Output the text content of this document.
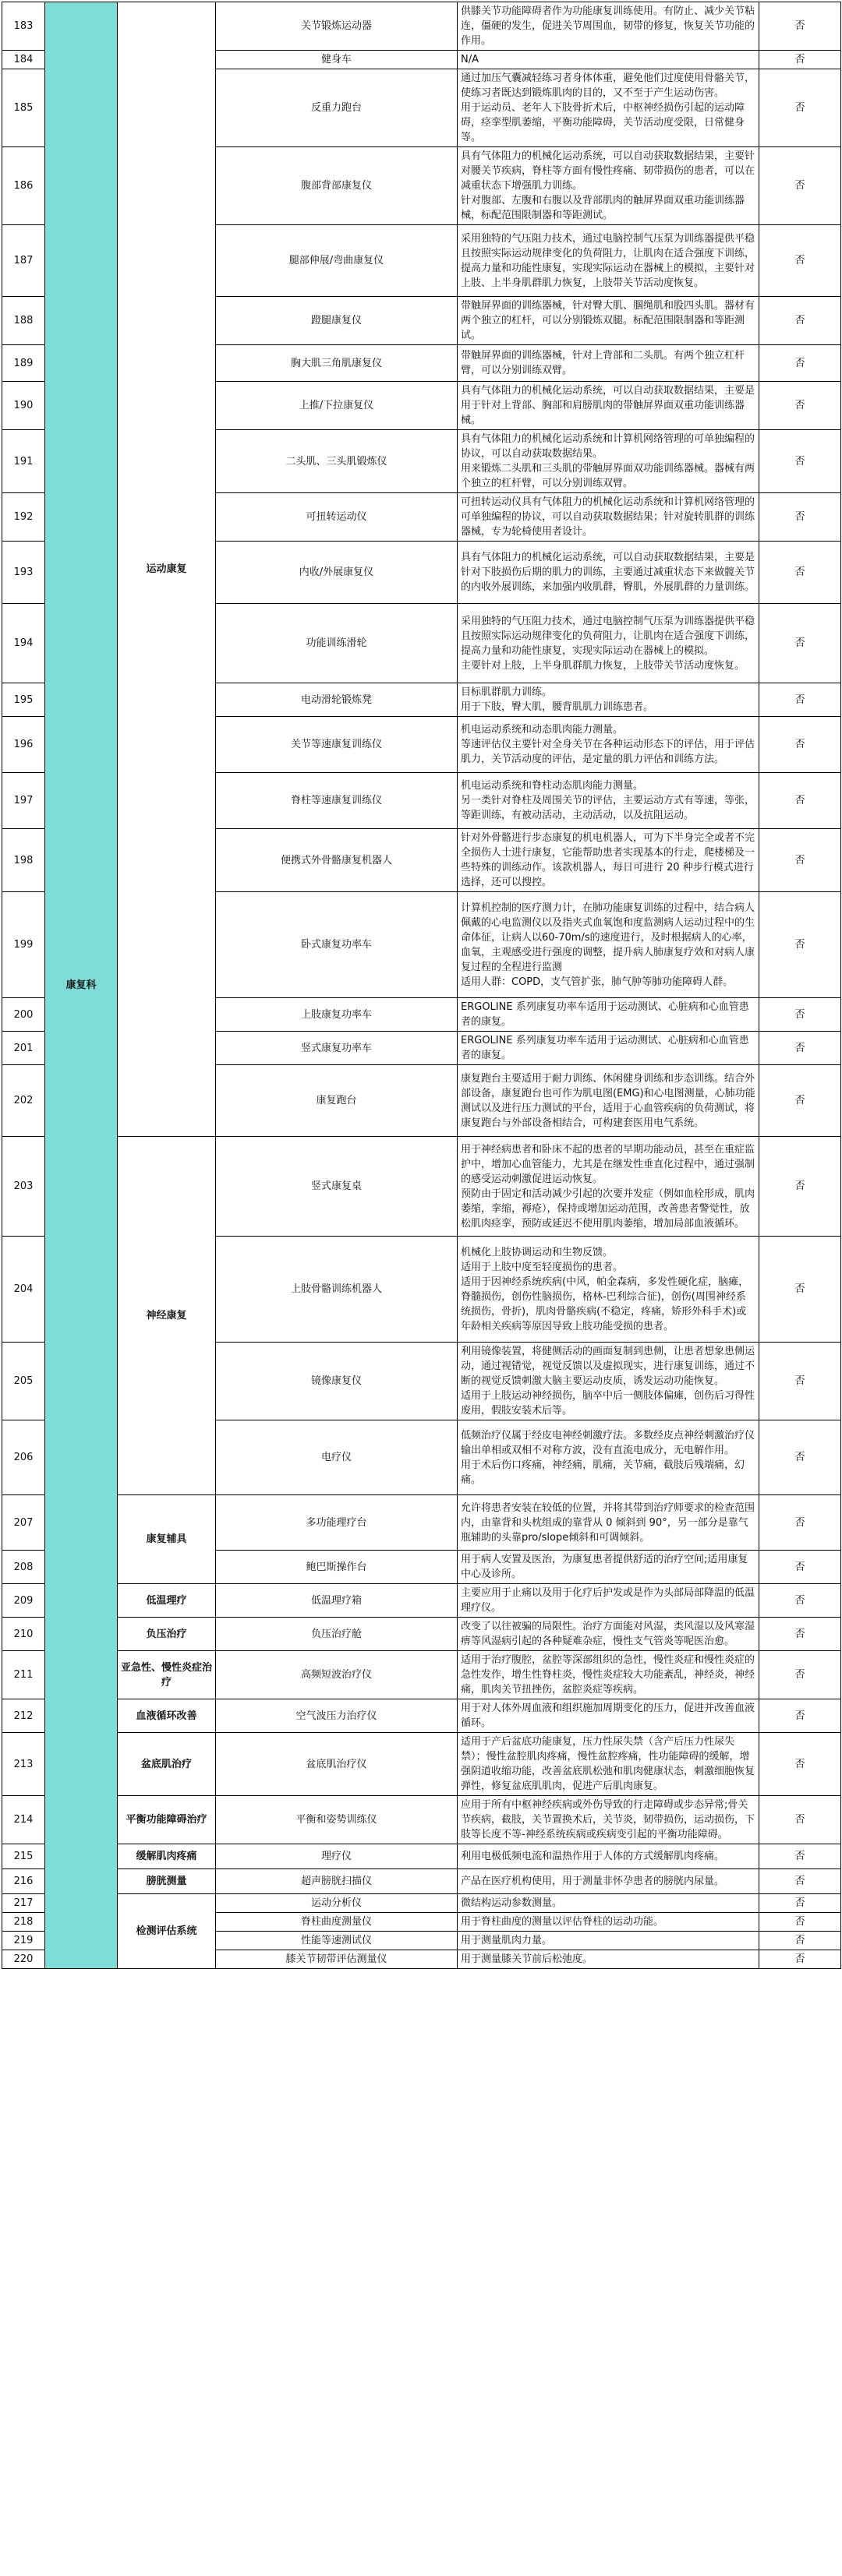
183	康复科	运动康复	关节锻炼运动器	供膝关节功能障碍者作为功能康复训练使用。有防止、减少关节粘连，僵硬的发生，促进关节周围血，韧带的修复，恢复关节功能的作用。	否
184			健身车	N/A	否
185			反重力跑台	通过加压气囊减轻练习者身体体重，避免他们过度使用骨骼关节，使练习者既达到锻炼肌肉的目的，又不至于产生运动伤害。
用于运动员、老年人下肢骨折术后，中枢神经损伤引起的运动障碍，痉挛型肌萎缩，平衡功能障碍，关节活动度受限，日常健身等。	否
186			腹部背部康复仪	具有气体阻力的机械化运动系统，可以自动获取数据结果，主要针对腰关节疾病，脊柱等方面有慢性疼痛、韧带损伤的患者，可以在减重状态下增强肌力训练。
针对腹部、左腹和右腹以及背部肌肉的触屏界面双重功能训练器械，标配范围限制器和等距测试。	否
187			腿部伸展/弯曲康复仪	采用独特的气压阻力技术，通过电脑控制气压泵为训练器提供平稳且按照实际运动规律变化的负荷阻力，让肌肉在适合强度下训练，提高力量和功能性康复，实现实际运动在器械上的模拟，主要针对上肢、上半身肌群肌力恢复，上肢带关节活动度恢复。	否
188			蹬腿康复仪	带触屏界面的训练器械，针对臀大肌、腘绳肌和股四头肌。器材有两个独立的杠杆，可以分别锻炼双腿。标配范围限制器和等距测试。	否
189			胸大肌三角肌康复仪	带触屏界面的训练器械，针对上背部和二头肌。有两个独立杠杆臂，可以分别训练双臂。	否
190			上推/下拉康复仪	具有气体阻力的机械化运动系统，可以自动获取数据结果，主要是用于针对上背部、胸部和肩膀肌肉的带触屏界面双重功能训练器械。	否
191			二头肌、三头肌锻炼仪	具有气体阻力的机械化运动系统和计算机网络管理的可单独编程的协议，可以自动获取数据结果。
用来锻炼二头肌和三头肌的带触屏界面双功能训练器械。器械有两个独立的杠杆臂，可以分别训练双臂。	否
192			可扭转运动仪	可扭转运动仪具有气体阻力的机械化运动系统和计算机网络管理的可单独编程的协议，可以自动获取数据结果；针对旋转肌群的训练器械，专为轮椅使用者设计。	否
193			内收/外展康复仪	具有气体阻力的机械化运动系统，可以自动获取数据结果，主要是针对下肢损伤后期的肌力的训练，主要通过减重状态下来做髋关节的内收外展训练，来加强内收肌群，臀肌，外展肌群的力量训练。	否
194			功能训练滑轮	采用独特的气压阻力技术，通过电脑控制气压泵为训练器提供平稳且按照实际运动规律变化的负荷阻力，让肌肉在适合强度下训练，提高力量和功能性康复，实现实际运动在器械上的模拟。
主要针对上肢，上半身肌群肌力恢复，上肢带关节活动度恢复。	否
195			电动滑轮锻炼凳	目标肌群肌力训练。
用于下肢，臀大肌，腰背肌肌力训练患者。	否
196			关节等速康复训练仪	机电运动系统和动态肌肉能力测量。
等速评估仪主要针对全身关节在各种运动形态下的评估，用于评估肌力，关节活动度的评估，是定量的肌力评估和训练方法。	否
197			脊柱等速康复训练仪	机电运动系统和脊柱动态肌肉能力测量。
另一类针对脊柱及周围关节的评估，主要运动方式有等速，等张，等距训练，有被动活动，主动活动，以及抗阻运动。	否
198			便携式外骨骼康复机器人	针对外骨骼进行步态康复的机电机器人，可为下半身完全或者不完全损伤人士进行康复，它能帮助患者实现基本的行走，爬楼梯及一些特殊的训练动作。该款机器人，每日可进行 20 种步行模式进行选择，还可以搜控。	否
199			卧式康复功率车	计算机控制的医疗测力计，在肺功能康复训练的过程中，结合病人佩戴的心电监测仪以及指夹式血氧饱和度监测病人运动过程中的生命体征，让病人以60-70m/s的速度进行，及时根据病人的心率，血氧，主观感受进行强度的调整，提升病人肺康复疗效和对病人康复过程的全程进行监测
适用人群：COPD，支气管扩张，肺气肿等肺功能障碍人群。	否
200			上肢康复功率车	ERGOLINE 系列康复功率车适用于运动测试、心脏病和心血管患者的康复。	否
201			竖式康复功率车	ERGOLINE 系列康复功率车适用于运动测试、心脏病和心血管患者的康复。	否
202			康复跑台	康复跑台主要适用于耐力训练、休闲健身训练和步态训练。结合外部设备，康复跑台也可作为肌电图(EMG)和心电图测量，心肺功能测试以及进行压力测试的平台，适用于心血管疾病的负荷测试，将康复跑台与外部设备相结合，可构建套医用电气系统。	否
203		神经康复	竖式康复桌	用于神经病患者和卧床不起的患者的早期功能动员，甚至在重症监护中，增加心血管能力，尤其是在继发性垂直化过程中，通过强制的感受运动刺激促进运动恢复。
预防由于固定和活动减少引起的次要并发症（例如血栓形成，肌肉萎缩，挛缩，褥疮），保持或增加运动范围，改善患者警觉性，放松肌肉痉挛，预防或延迟不使用肌肉萎缩，增加局部血液循环。	否
204			上肢骨骼训练机器人	机械化上肢协调运动和生物反馈。
适用于上肢中度至轻度损伤的患者。
适用于因神经系统疾病(中风，帕金森病，多发性硬化症，脑瘫，脊髓损伤，创伤性脑损伤，格林-巴利综合征)，创伤(周围神经系统损伤，骨折)，肌肉骨骼疾病(不稳定，疼痛，矫形外科手术)或年龄相关疾病等原因导致上肢功能受损的患者。	否
205			镜像康复仪	利用镜像装置，将健侧活动的画面复制到患侧，让患者想象患侧运动，通过视错觉，视觉反馈以及虚拟现实，进行康复训练，通过不断的视觉反馈刺激大脑主要运动皮质，诱发运动功能恢复。
适用于上肢运动神经损伤，脑卒中后一侧肢体偏瘫，创伤后习得性废用，假肢安装术后等。	否
206			电疗仪	低频治疗仪属于经皮电神经刺激疗法。多数经皮点神经刺激治疗仪输出单相或双相不对称方波，没有直流电成分，无电解作用。
用于术后伤口疼痛，神经痛，肌痛，关节痛，截肢后残端痛，幻痛。	否
207		康复辅具	多功能理疗台	允许将患者安装在较低的位置，并将其带到治疗师要求的检查范围内，由靠背和头枕组成的靠背从 0 倾斜到 90°，另一部分是靠气瓶辅助的头靠pro/slope倾斜和可调倾斜。	否
208			鲍巴斯操作台	用于病人安置及医治，为康复患者提供舒适的治疗空间;适用康复中心及诊所。	否
209		低温理疗	低温理疗箱	主要应用于止痛以及用于化疗后护发或是作为头部局部降温的低温理疗仪。	否
210		负压治疗	负压治疗舱	改变了以往被骗的局限性。治疗方面能对风湿，类风湿以及风寒湿痹等风湿病引起的各种疑难杂症，慢性支气管炎等呢医治愈。	否
211		亚急性、慢性炎症治疗	高频短波治疗仪	适用于治疗腹腔，盆腔等深部组织的急性，慢性炎症和慢性炎症的急性发作，增生性脊柱炎，慢性炎症较大功能紊乱，神经炎，神经痛，肌肉关节扭挫伤，盆腔炎症等疾病。	否
212		血液循环改善	空气波压力治疗仪	用于对人体外周血液和组织施加周期变化的压力，促进并改善血液循环。	否
213		盆底肌治疗	盆底肌治疗仪	适用于产后盆底功能康复，压力性尿失禁（含产后压力性尿失禁）；慢性盆腔肌肉疼痛，慢性盆腔疼痛，性功能障碍的缓解，增强阴道收缩功能，改善盆底肌松弛和肌肉健康状态，刺激细胞恢复弹性，修复盆底肌肌肉，促进产后肌肉康复。	否
214		平衡功能障碍治疗	平衡和姿势训练仪	应用于所有中枢神经疾病或外伤导致的行走障碍或步态异常;骨关节疾病，截肢，关节置换术后，关节炎，韧带损伤，运动损伤，下肢等长度不等-神经系统疾病或疾病变引起的平衡功能障碍。	否
215		缓解肌肉疼痛	理疗仪	利用电极低频电流和温热作用于人体的方式缓解肌肉疼痛。	否
216		膀胱测量	超声膀胱扫描仪	产品在医疗机构使用，用于测量非怀孕患者的膀胱内尿量。	否
217		检测评估系统	运动分析仪	微结构运动参数测量。	否
218			脊柱曲度测量仪	用于脊柱曲度的测量以评估脊柱的运动功能。	否
219			性能等速测试仪	用于测量肌肉力量。	否
220			膝关节韧带评估测量仪	用于测量膝关节前后松弛度。	否
